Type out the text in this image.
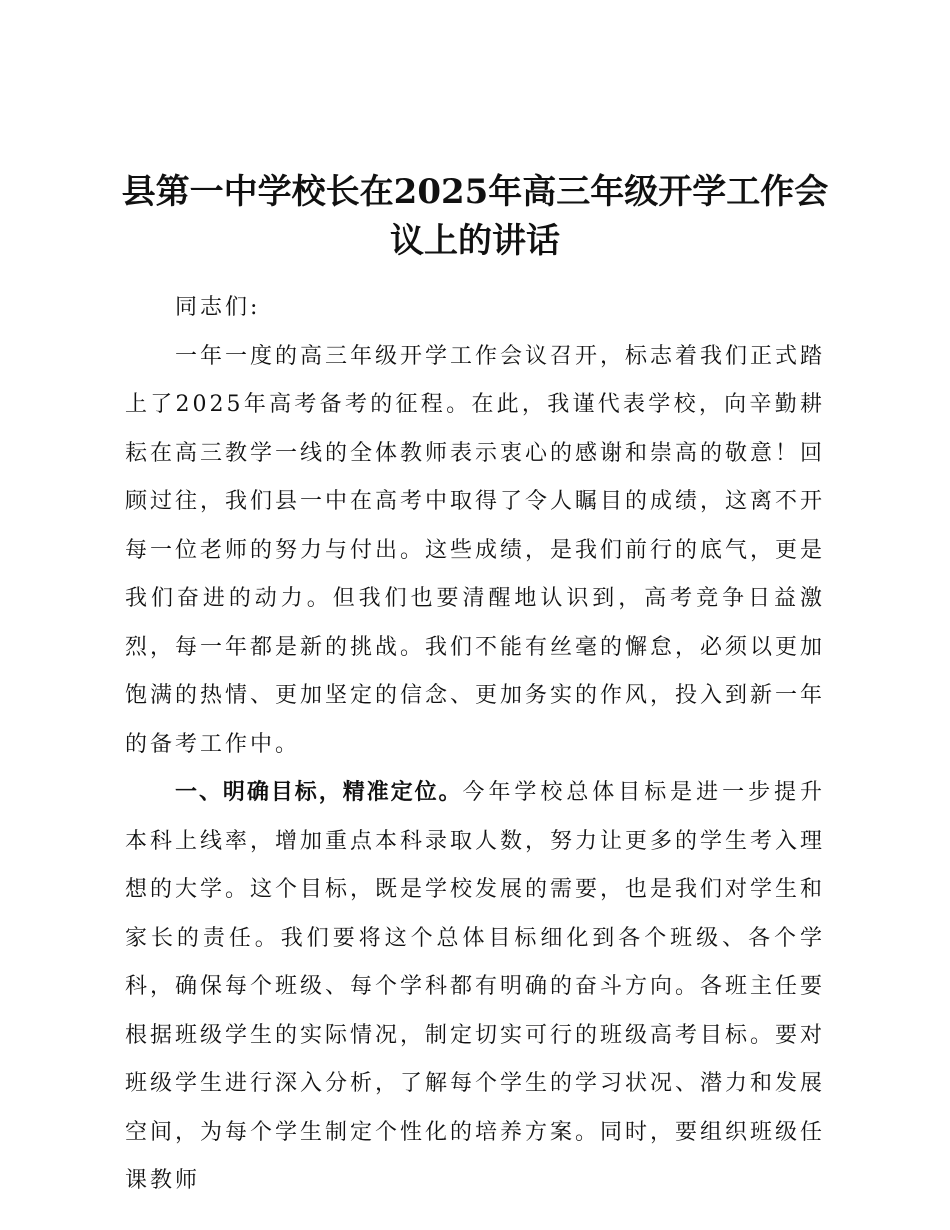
县第一中学校长在2025年高三年级开学工作会议上的讲话

同志们:

一年一度的高三年级开学工作会议召开，标志着我们正式踏上了2025年高考备考的征程。在此，我谨代表学校，向辛勤耕耘在高三教学一线的全体教师表示衷心的感谢和崇高的敬意！回顾过往，我们县一中在高考中取得了令人瞩目的成绩，这离不开每一位老师的努力与付出。这些成绩，是我们前行的底气，更是我们奋进的动力。但我们也要清醒地认识到，高考竞争日益激烈，每一年都是新的挑战。我们不能有丝毫的懈怠，必须以更加饱满的热情、更加坚定的信念、更加务实的作风，投入到新一年的备考工作中。

一、明确目标，精准定位。今年学校总体目标是进一步提升本科上线率，增加重点本科录取人数，努力让更多的学生考入理想的大学。这个目标，既是学校发展的需要，也是我们对学生和家长的责任。我们要将这个总体目标细化到各个班级、各个学科，确保每个班级、每个学科都有明确的奋斗方向。各班主任要根据班级学生的实际情况，制定切实可行的班级高考目标。要对班级学生进行深入分析，了解每个学生的学习状况、潜力和发展空间，为每个学生制定个性化的培养方案。同时，要组织班级任课教师
